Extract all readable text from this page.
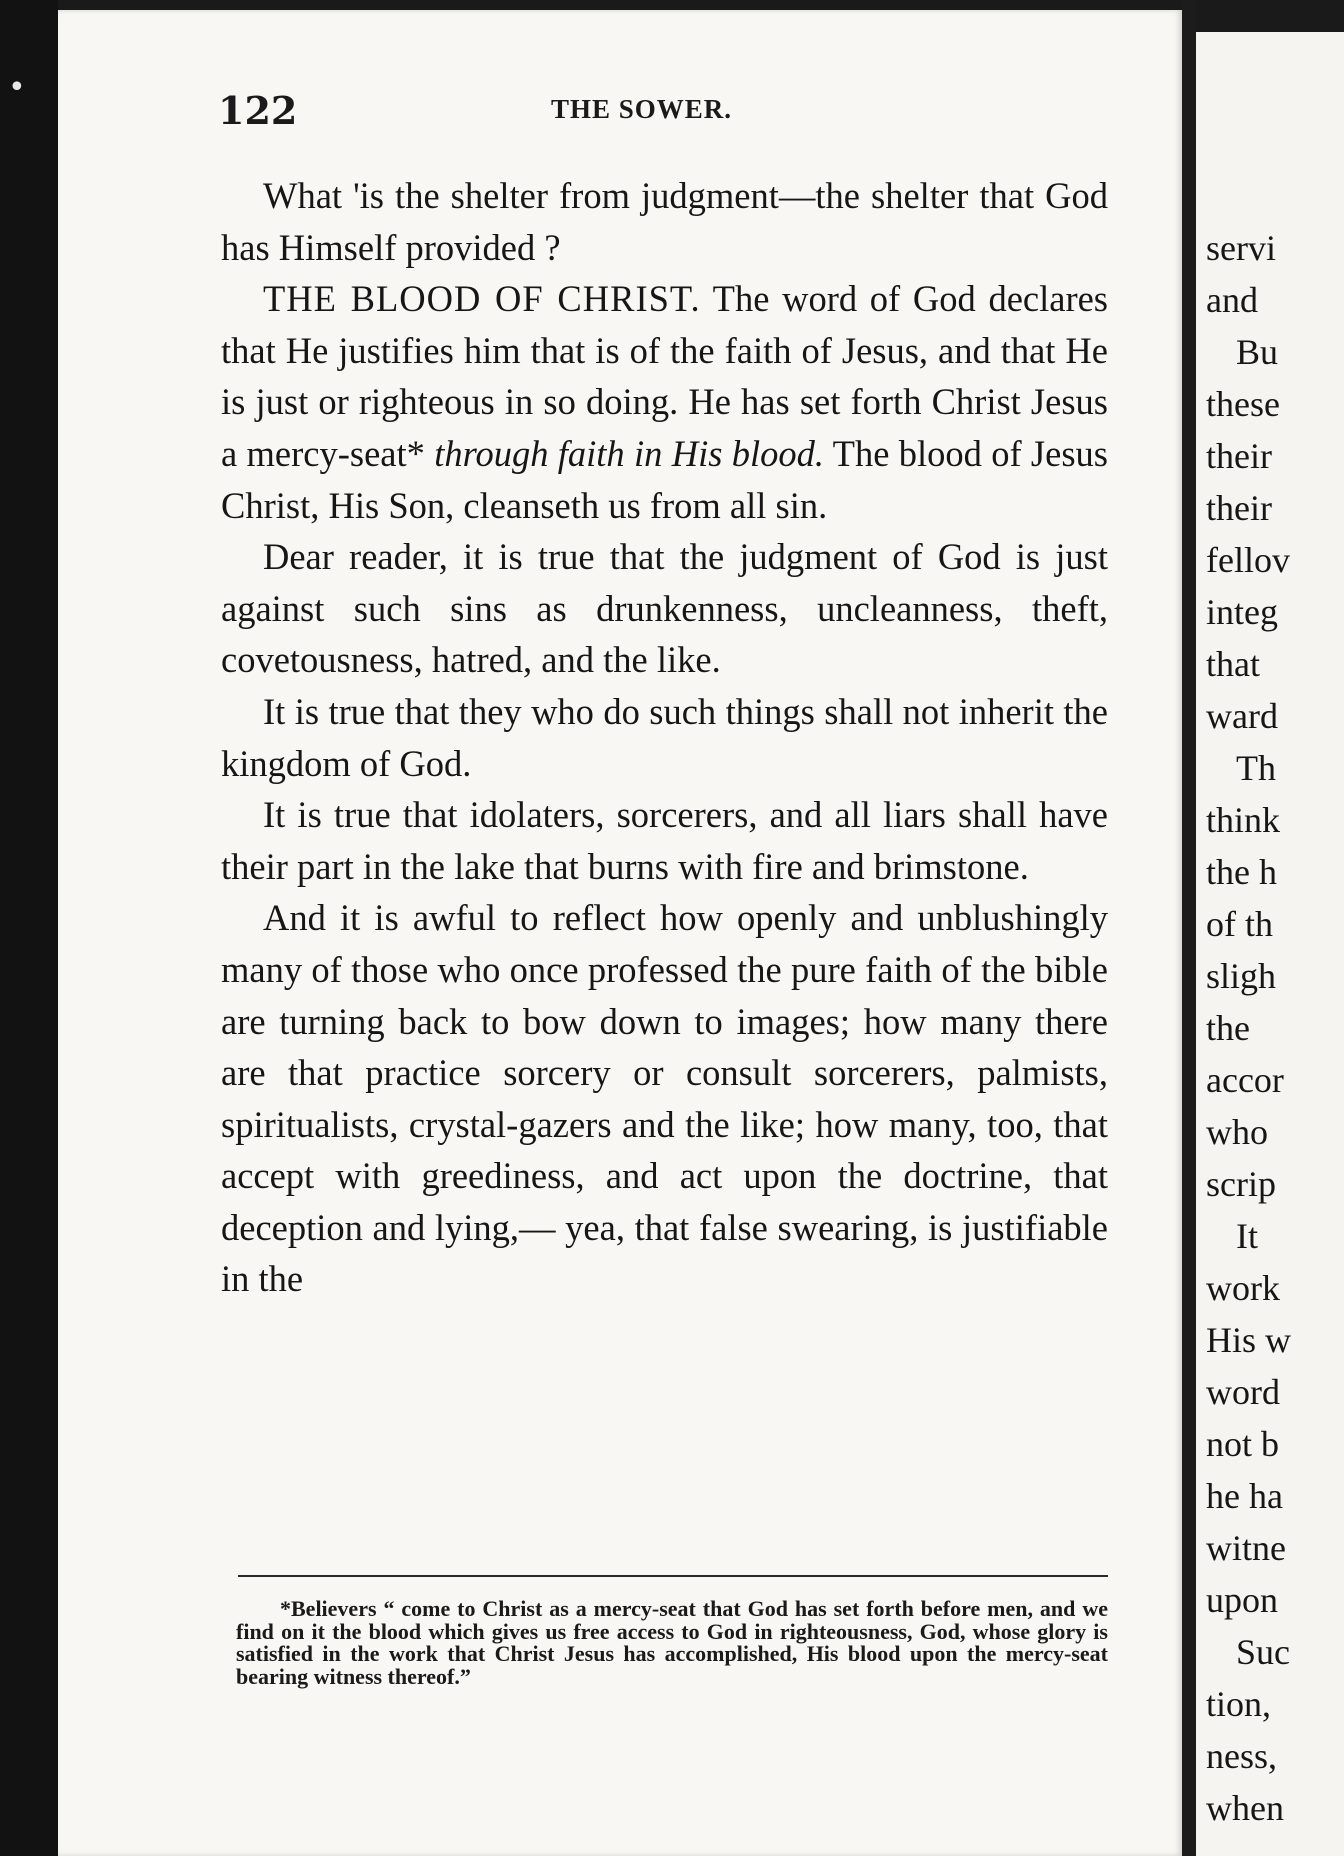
•
122	THE SOWER.

What 'is the shelter from judgment—the shelter that God has Himself provided ?

THE BLOOD OF CHRIST. The word of God declares that He justifies him that is of the faith of Jesus, and that He is just or righteous in so doing. He has set forth Christ Jesus a mercy-seat* through faith in His blood. The blood of Jesus Christ, His Son, cleanseth us from all sin.

Dear reader, it is true that the judgment of God is just against such sins as drunkenness, uncleanness, theft, covetousness, hatred, and the like.

It is true that they who do such things shall not inherit the kingdom of God.

It is true that idolaters, sorcerers, and all liars shall have their part in the lake that burns with fire and brimstone.

And it is awful to reflect how openly and unblushingly many of those who once professed the pure faith of the bible are turning back to bow down to images; how many there are that practice sorcery or consult sorcerers, palmists, spiritualists, crystal-gazers and the like; how many, too, that accept with greediness, and act upon the doctrine, that deception and lying,— yea, that false swearing, is justifiable in the

*Believers “ come to Christ as a mercy-seat that God has set forth before men, and we find on it the blood which gives us free access to God in righteousness, God, whose glory is satisfied in the work that Christ Jesus has accomplished, His blood upon the mercy-seat bearing witness thereof.”
servi
and
Bu
these
their
their
fellov
integ
that
ward
Th
think
the h
of th
sligh
the
accor
who
scrip
It
work
His w
word
not b
he ha
witne
upon
Suc
tion,
ness,
when
